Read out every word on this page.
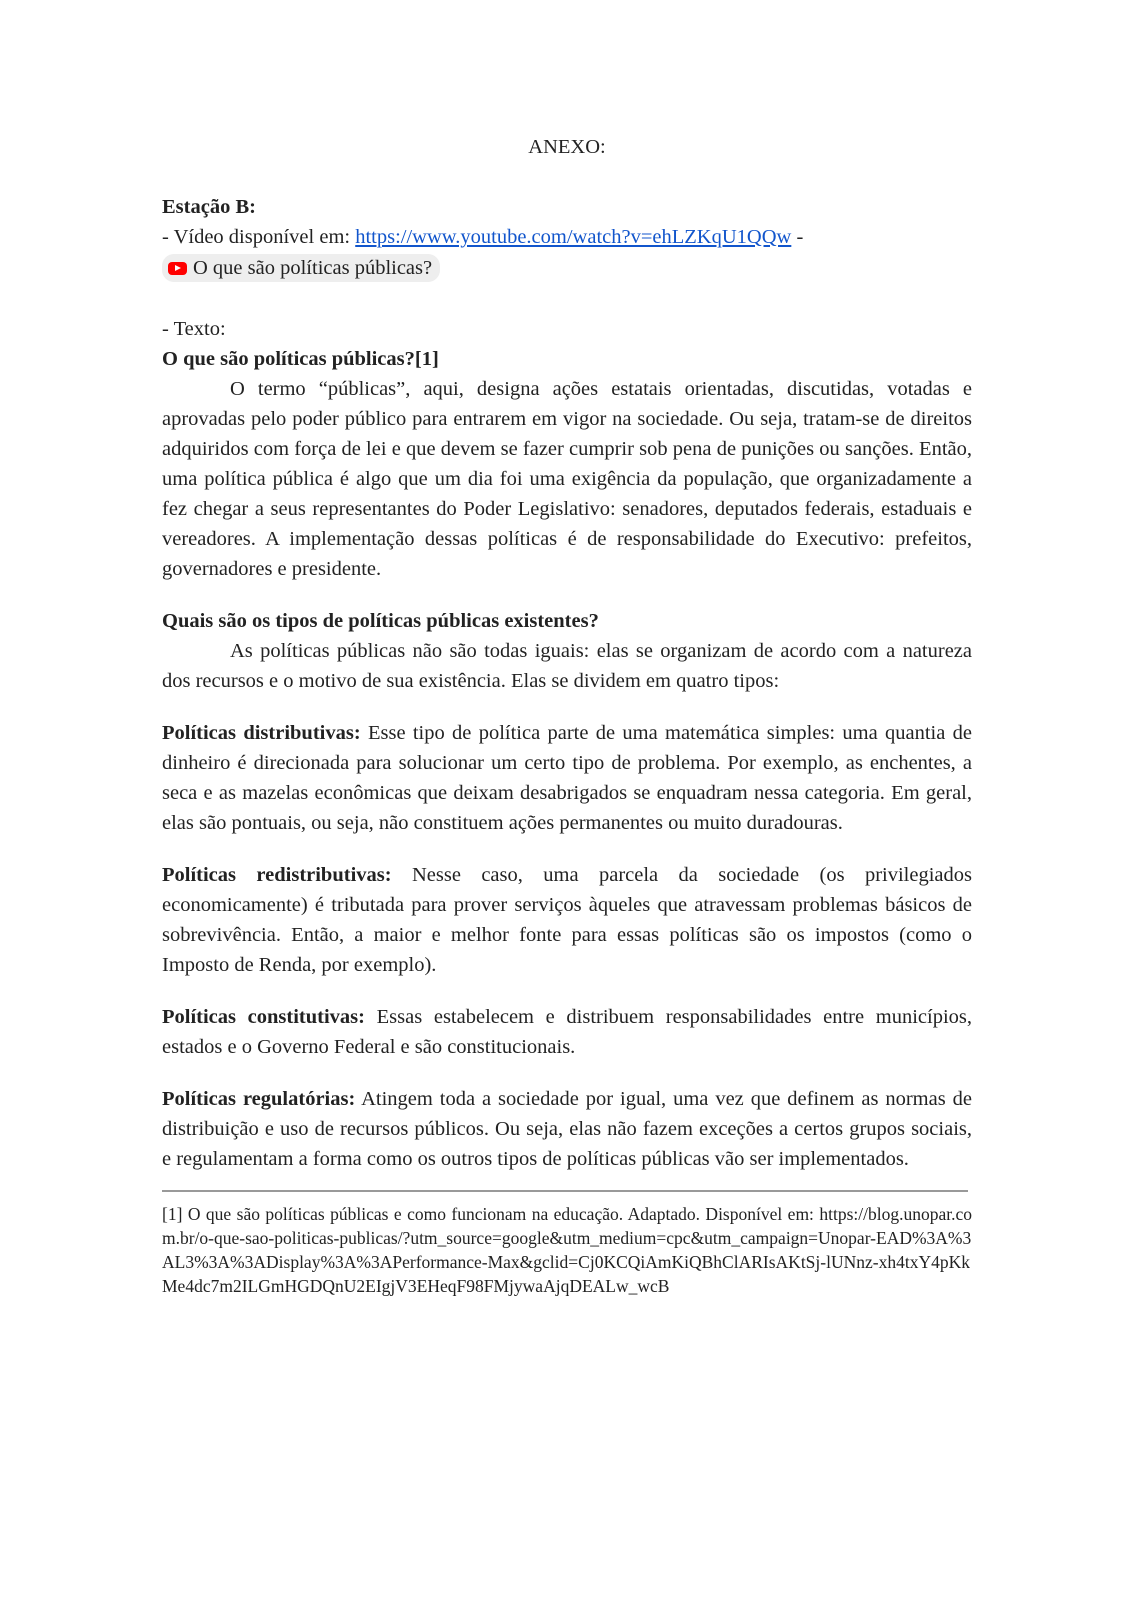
ANEXO:

Estação B:

- Vídeo disponível em: https://www.youtube.com/watch?v=ehLZKqU1QQw -

O que são políticas públicas?

- Texto:

O que são políticas públicas?[1]

O termo “públicas”, aqui, designa ações estatais orientadas, discutidas, votadas e aprovadas pelo poder público para entrarem em vigor na sociedade. Ou seja, tratam-se de direitos adquiridos com força de lei e que devem se fazer cumprir sob pena de punições ou sanções. Então, uma política pública é algo que um dia foi uma exigência da população, que organizadamente a fez chegar a seus representantes do Poder Legislativo: senadores, deputados federais, estaduais e vereadores. A implementação dessas políticas é de responsabilidade do Executivo: prefeitos, governadores e presidente.

Quais são os tipos de políticas públicas existentes?

As políticas públicas não são todas iguais: elas se organizam de acordo com a natureza dos recursos e o motivo de sua existência. Elas se dividem em quatro tipos:

Políticas distributivas: Esse tipo de política parte de uma matemática simples: uma quantia de dinheiro é direcionada para solucionar um certo tipo de problema. Por exemplo, as enchentes, a seca e as mazelas econômicas que deixam desabrigados se enquadram nessa categoria. Em geral, elas são pontuais, ou seja, não constituem ações permanentes ou muito duradouras.

Políticas redistributivas: Nesse caso, uma parcela da sociedade (os privilegiados economicamente) é tributada para prover serviços àqueles que atravessam problemas básicos de sobrevivência. Então, a maior e melhor fonte para essas políticas são os impostos (como o Imposto de Renda, por exemplo).

Políticas constitutivas: Essas estabelecem e distribuem responsabilidades entre municípios, estados e o Governo Federal e são constitucionais.

Políticas regulatórias: Atingem toda a sociedade por igual, uma vez que definem as normas de distribuição e uso de recursos públicos. Ou seja, elas não fazem exceções a certos grupos sociais, e regulamentam a forma como os outros tipos de políticas públicas vão ser implementados.

[1] O que são políticas públicas e como funcionam na educação. Adaptado. Disponível em: https://blog.unopar.com.br/o-que-sao-politicas-publicas/?utm_source=google&utm_medium=cpc&utm_campaign=Unopar-EAD%3A%3AL3%3A%3ADisplay%3A%3APerformance-Max&gclid=Cj0KCQiAmKiQBhClARIsAKtSj-lUNnz-xh4txY4pKkMe4dc7m2ILGmHGDQnU2EIgjV3EHeqF98FMjywaAjqDEALw_wcB
